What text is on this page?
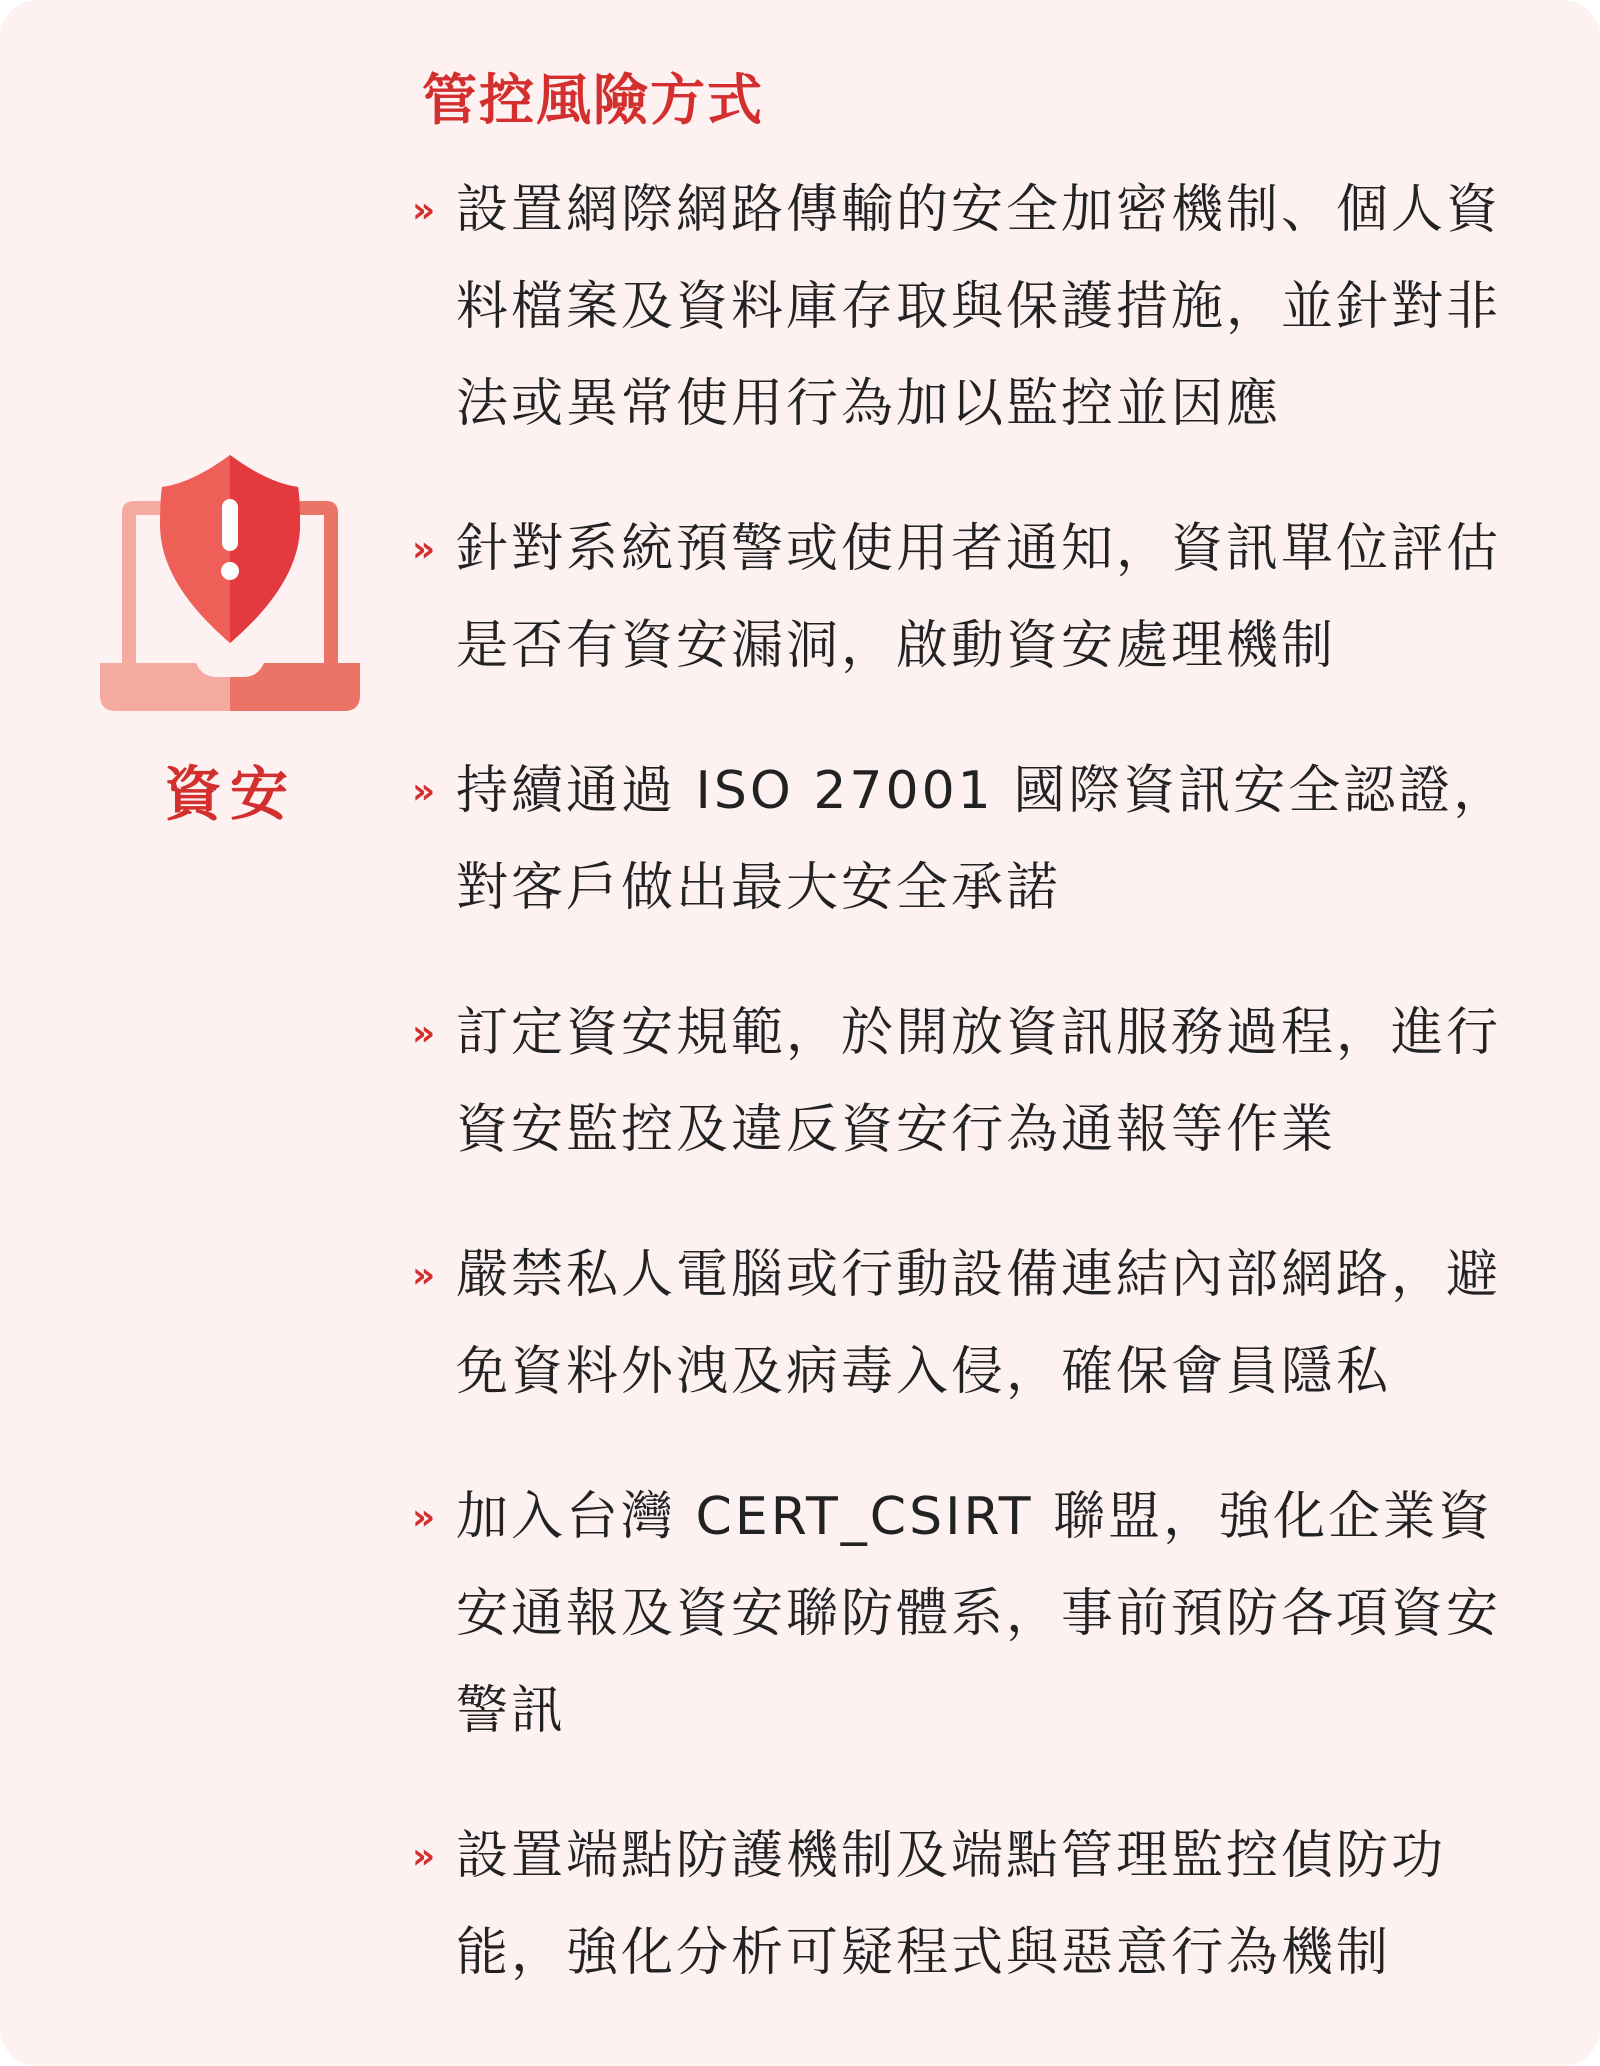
資安
管控風險方式
» 設置網際網路傳輸的安全加密機制、個人資料檔案及資料庫存取與保護措施，並針對非法或異常使用行為加以監控並因應
» 針對系統預警或使用者通知，資訊單位評估是否有資安漏洞，啟動資安處理機制
» 持續通過 ISO 27001 國際資訊安全認證，對客戶做出最大安全承諾
» 訂定資安規範，於開放資訊服務過程，進行資安監控及違反資安行為通報等作業
» 嚴禁私人電腦或行動設備連結內部網路，避免資料外洩及病毒入侵，確保會員隱私
» 加入台灣 CERT_CSIRT 聯盟，強化企業資安通報及資安聯防體系，事前預防各項資安警訊
» 設置端點防護機制及端點管理監控偵防功能，強化分析可疑程式與惡意行為機制
